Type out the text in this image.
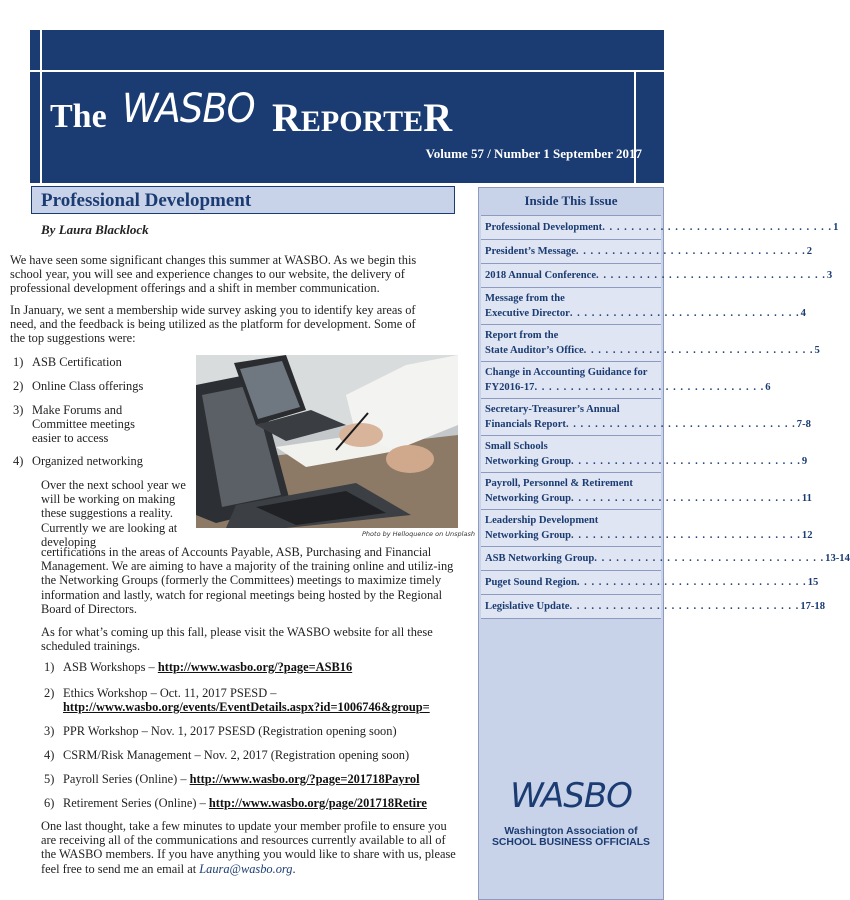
The WASBO REPORTER
Volume 57 / Number 1 September 2017
Professional Development
By Laura Blacklock

We have seen some significant changes this summer at WASBO. As we begin this school year, you will see and experience changes to our website, the delivery of professional development offerings and a shift in member communication.

In January, we sent a membership wide survey asking you to identify key areas of need, and the feedback is being utilized as the platform for development. Some of the top suggestions were:

1) ASB Certification
2) Online Class offerings
3) Make Forums and Committee meetings easier to access
4) Organized networking
Photo by Helloquence on Unsplash

Over the next school year we will be working on making these suggestions a reality. Currently we are looking at developing

certifications in the areas of Accounts Payable, ASB, Purchasing and Financial Management. We are aiming to have a majority of the training online and utiliz-ing the Networking Groups (formerly the Committees) meetings to maximize timely information and lastly, watch for regional meetings being hosted by the Regional Board of Directors.

As for what’s coming up this fall, please visit the WASBO website for all these scheduled trainings.

1) ASB Workshops – http://www.wasbo.org/?page=ASB16
2) Ethics Workshop – Oct. 11, 2017 PSESD – http://www.wasbo.org/events/EventDetails.aspx?id=1006746&group=
3) PPR Workshop – Nov. 1, 2017 PSESD (Registration opening soon)
4) CSRM/Risk Management – Nov. 2, 2017 (Registration opening soon)
5) Payroll Series (Online) – http://www.wasbo.org/?page=201718Payrol
6) Retirement Series (Online) – http://www.wasbo.org/page/201718Retire

One last thought, take a few minutes to update your member profile to ensure you are receiving all of the communications and resources currently available to all of the WASBO members. If you have anything you would like to share with us, please feel free to send me an email at Laura@wasbo.org.

Inside This Issue
Professional Development . . . . . . . . . . . . . . . . . . . . . . . . . . . . . . . . 1
President’s Message . . . . . . . . . . . . . . . . . . . . . . . . . . . . . . . . 2
2018 Annual Conference . . . . . . . . . . . . . . . . . . . . . . . . . . . . . . . . 3
Message from the
Executive Director . . . . . . . . . . . . . . . . . . . . . . . . . . . . . . . . 4
Report from the
State Auditor’s Office . . . . . . . . . . . . . . . . . . . . . . . . . . . . . . . . 5
Change in Accounting Guidance for
FY2016-17 . . . . . . . . . . . . . . . . . . . . . . . . . . . . . . . . 6
Secretary-Treasurer’s Annual
Financials Report . . . . . . . . . . . . . . . . . . . . . . . . . . . . . . . . 7-8
Small Schools
Networking Group . . . . . . . . . . . . . . . . . . . . . . . . . . . . . . . . 9
Payroll, Personnel & Retirement
Networking Group . . . . . . . . . . . . . . . . . . . . . . . . . . . . . . . . 11
Leadership Development
Networking Group . . . . . . . . . . . . . . . . . . . . . . . . . . . . . . . . 12
ASB Networking Group . . . . . . . . . . . . . . . . . . . . . . . . . . . . . . . . 13-14
Puget Sound Region . . . . . . . . . . . . . . . . . . . . . . . . . . . . . . . . 15
Legislative Update . . . . . . . . . . . . . . . . . . . . . . . . . . . . . . . . 17-18
WASBO
Washington Association of
SCHOOL BUSINESS OFFICIALS
